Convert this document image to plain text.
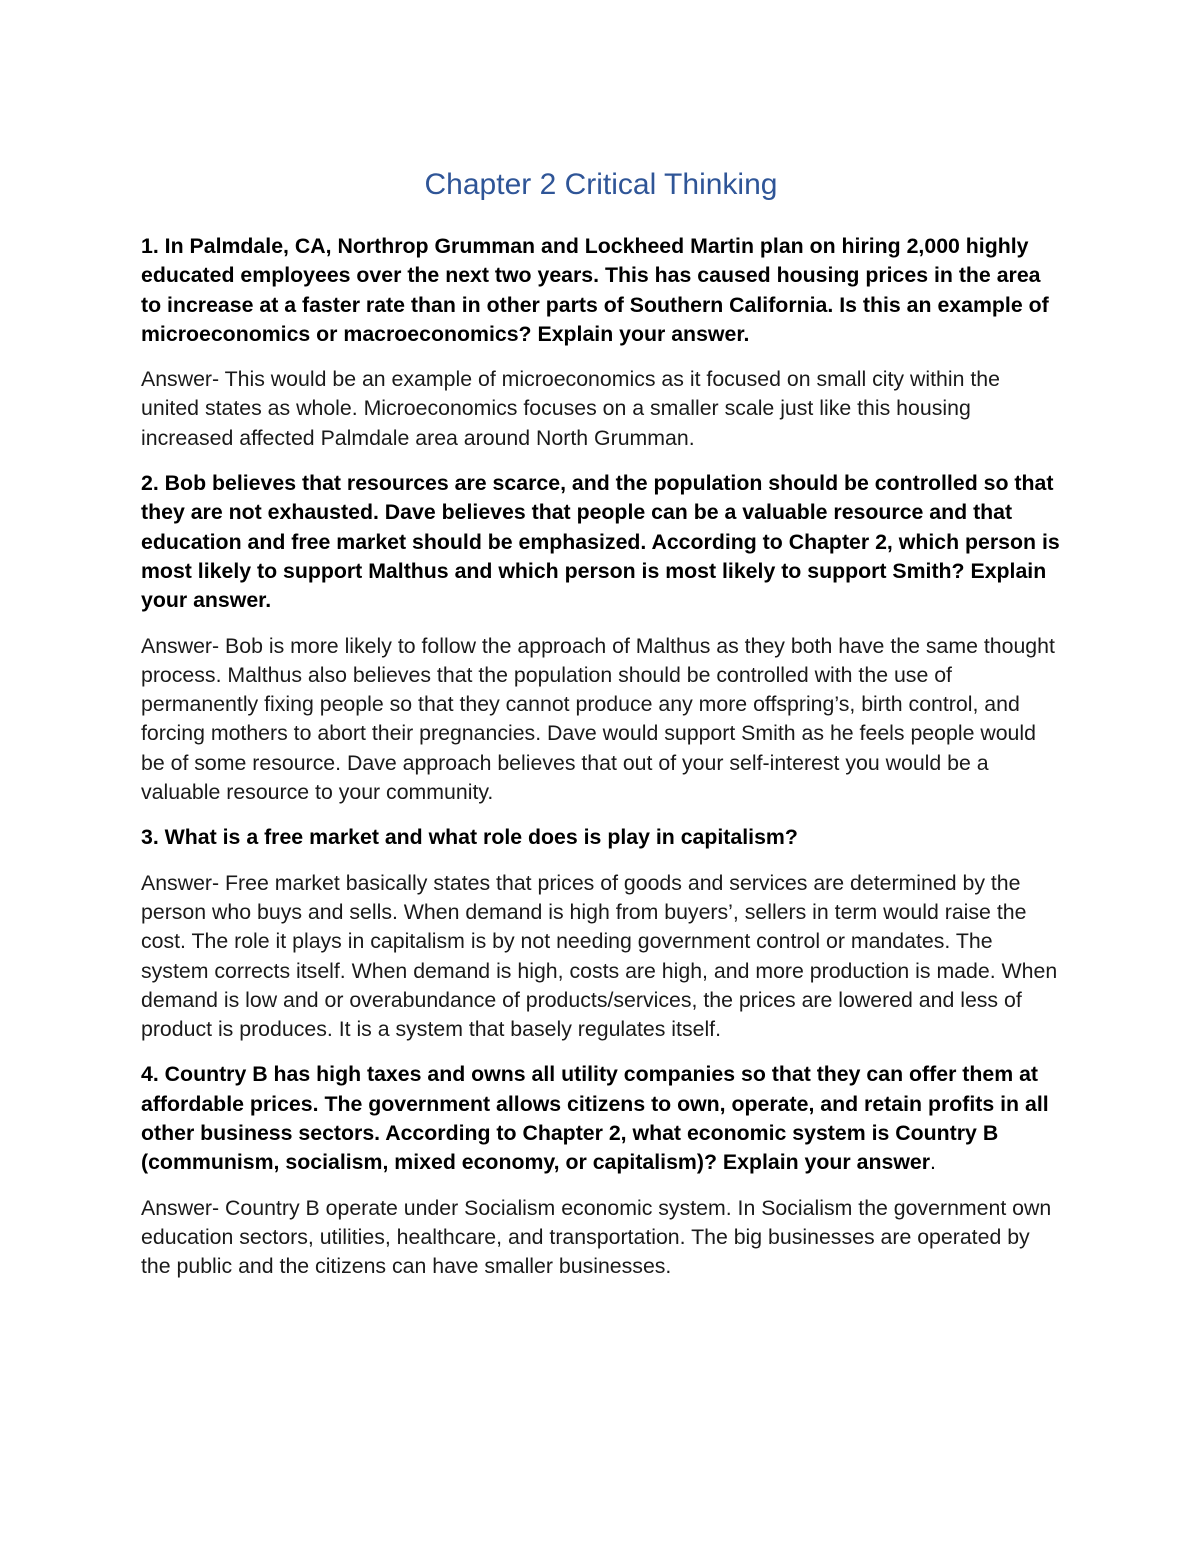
Chapter 2 Critical Thinking

1. In Palmdale, CA, Northrop Grumman and Lockheed Martin plan on hiring 2,000 highly educated employees over the next two years. This has caused housing prices in the area to increase at a faster rate than in other parts of Southern California. Is this an example of microeconomics or macroeconomics? Explain your answer.

Answer- This would be an example of microeconomics as it focused on small city within the united states as whole. Microeconomics focuses on a smaller scale just like this housing increased affected Palmdale area around North Grumman.

2. Bob believes that resources are scarce, and the population should be controlled so that they are not exhausted. Dave believes that people can be a valuable resource and that education and free market should be emphasized. According to Chapter 2, which person is most likely to support Malthus and which person is most likely to support Smith? Explain your answer.

Answer- Bob is more likely to follow the approach of Malthus as they both have the same thought process. Malthus also believes that the population should be controlled with the use of permanently fixing people so that they cannot produce any more offspring’s, birth control, and forcing mothers to abort their pregnancies. Dave would support Smith as he feels people would be of some resource. Dave approach believes that out of your self-interest you would be a valuable resource to your community.

3. What is a free market and what role does is play in capitalism?

Answer- Free market basically states that prices of goods and services are determined by the person who buys and sells. When demand is high from buyers’, sellers in term would raise the cost. The role it plays in capitalism is by not needing government control or mandates. The system corrects itself. When demand is high, costs are high, and more production is made. When demand is low and or overabundance of products/services, the prices are lowered and less of product is produces. It is a system that basely regulates itself.

4. Country B has high taxes and owns all utility companies so that they can offer them at affordable prices. The government allows citizens to own, operate, and retain profits in all other business sectors. According to Chapter 2, what economic system is Country B (communism, socialism, mixed economy, or capitalism)? Explain your answer.

Answer- Country B operate under Socialism economic system. In Socialism the government own education sectors, utilities, healthcare, and transportation. The big businesses are operated by the public and the citizens can have smaller businesses.
